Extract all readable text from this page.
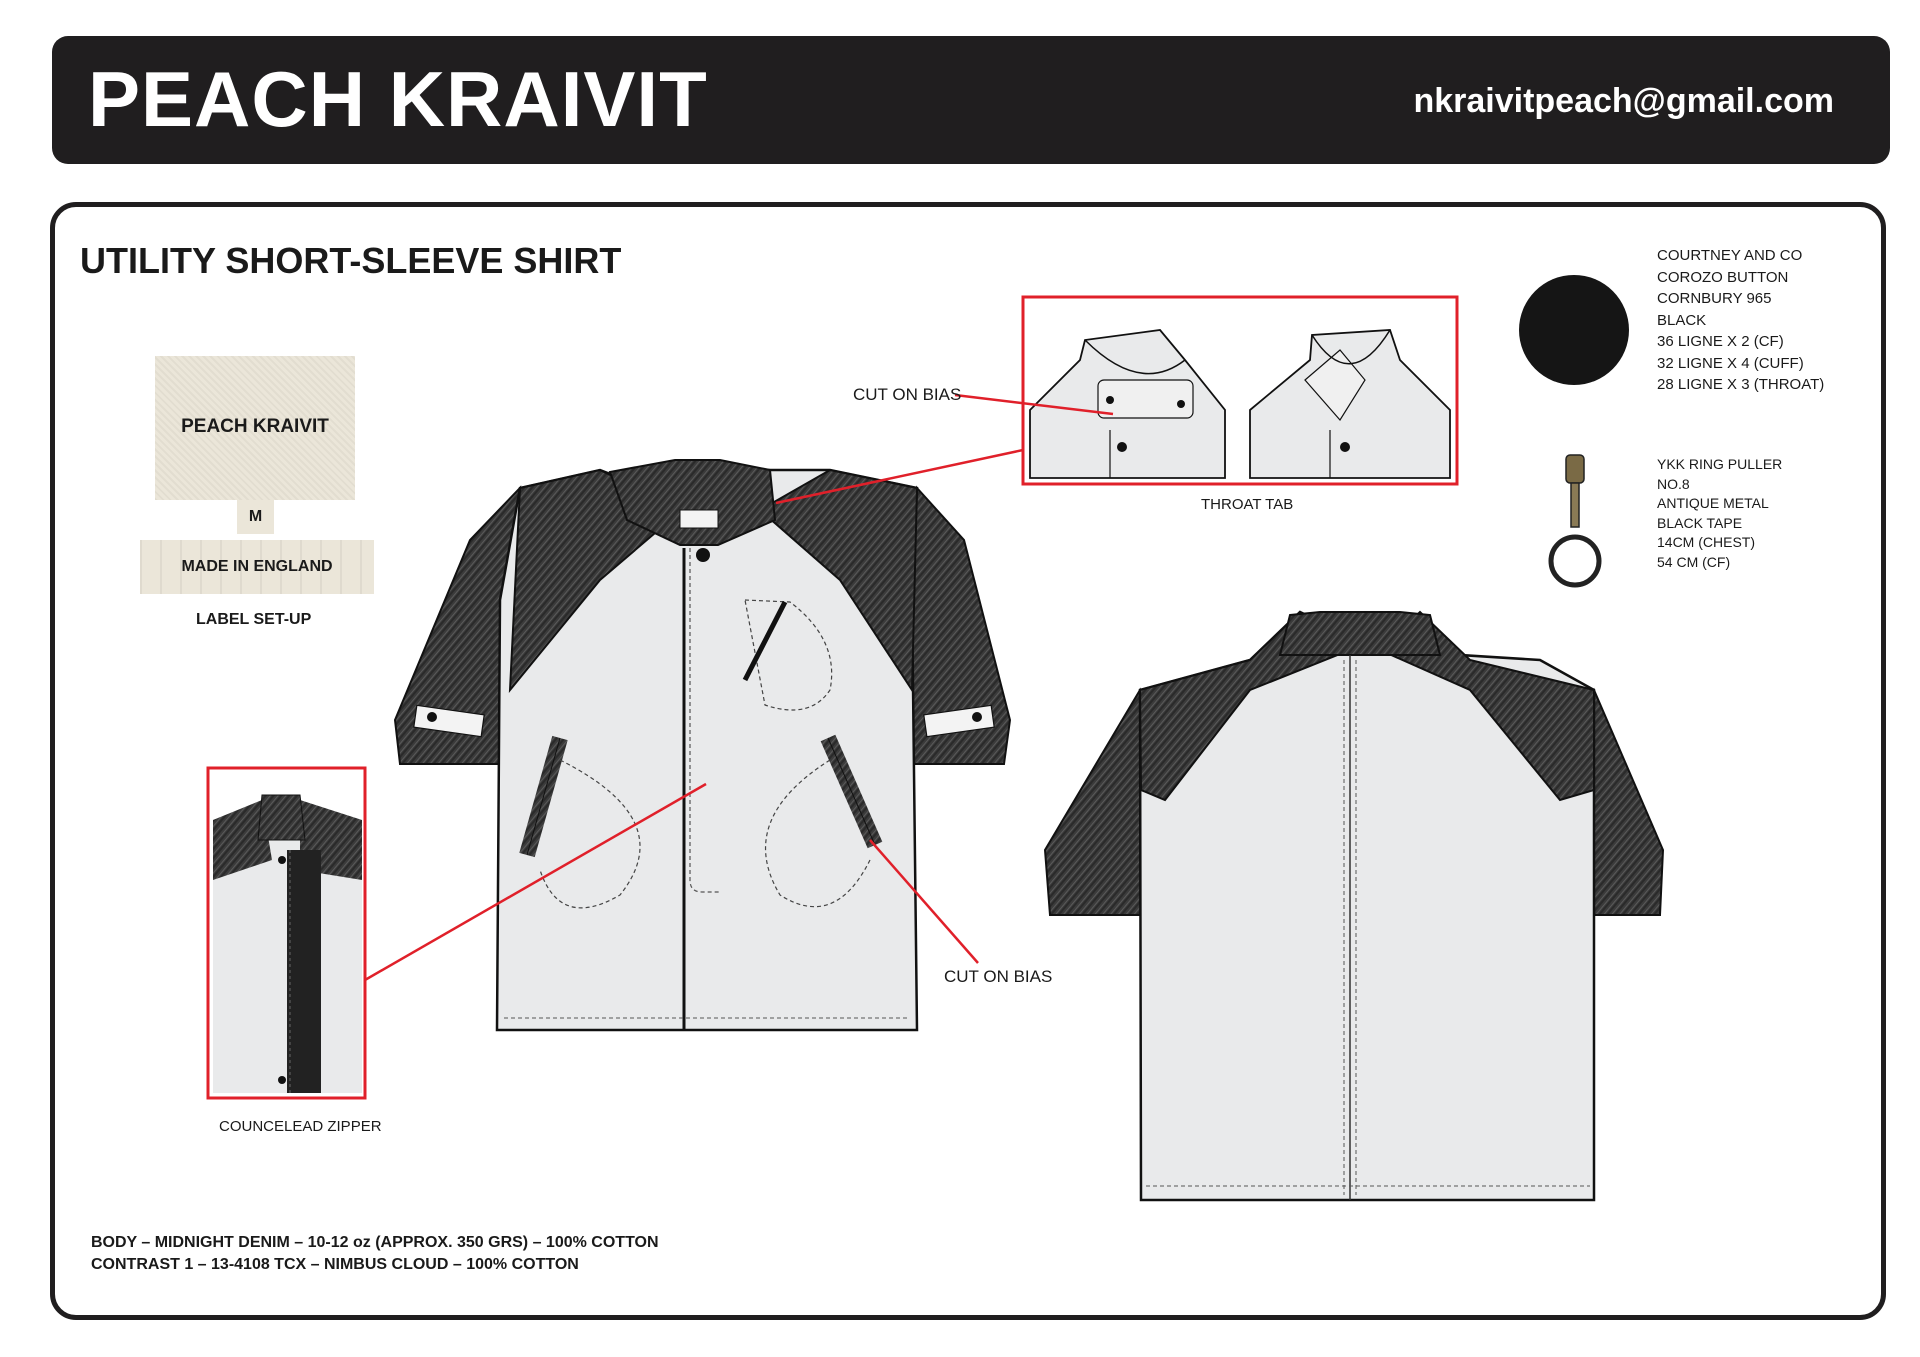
PEACH KRAIVIT	nkraivitpeach@gmail.com
UTILITY SHORT-SLEEVE SHIRT
PEACH KRAIVIT
M
MADE IN ENGLAND
LABEL SET-UP
CUT ON BIAS
CUT ON BIAS
THROAT TAB
COUNCELEAD ZIPPER
COURTNEY AND CO
COROZO BUTTON
CORNBURY 965
BLACK
36 LIGNE X 2 (CF)
32 LIGNE X 4 (CUFF)
28 LIGNE X 3 (THROAT)
YKK RING PULLER
NO.8
ANTIQUE METAL
BLACK TAPE
14CM (CHEST)
54 CM (CF)
BODY – MIDNIGHT DENIM – 10-12 oz (APPROX. 350 GRS) – 100% COTTON
CONTRAST 1 – 13-4108 TCX – NIMBUS CLOUD – 100% COTTON
